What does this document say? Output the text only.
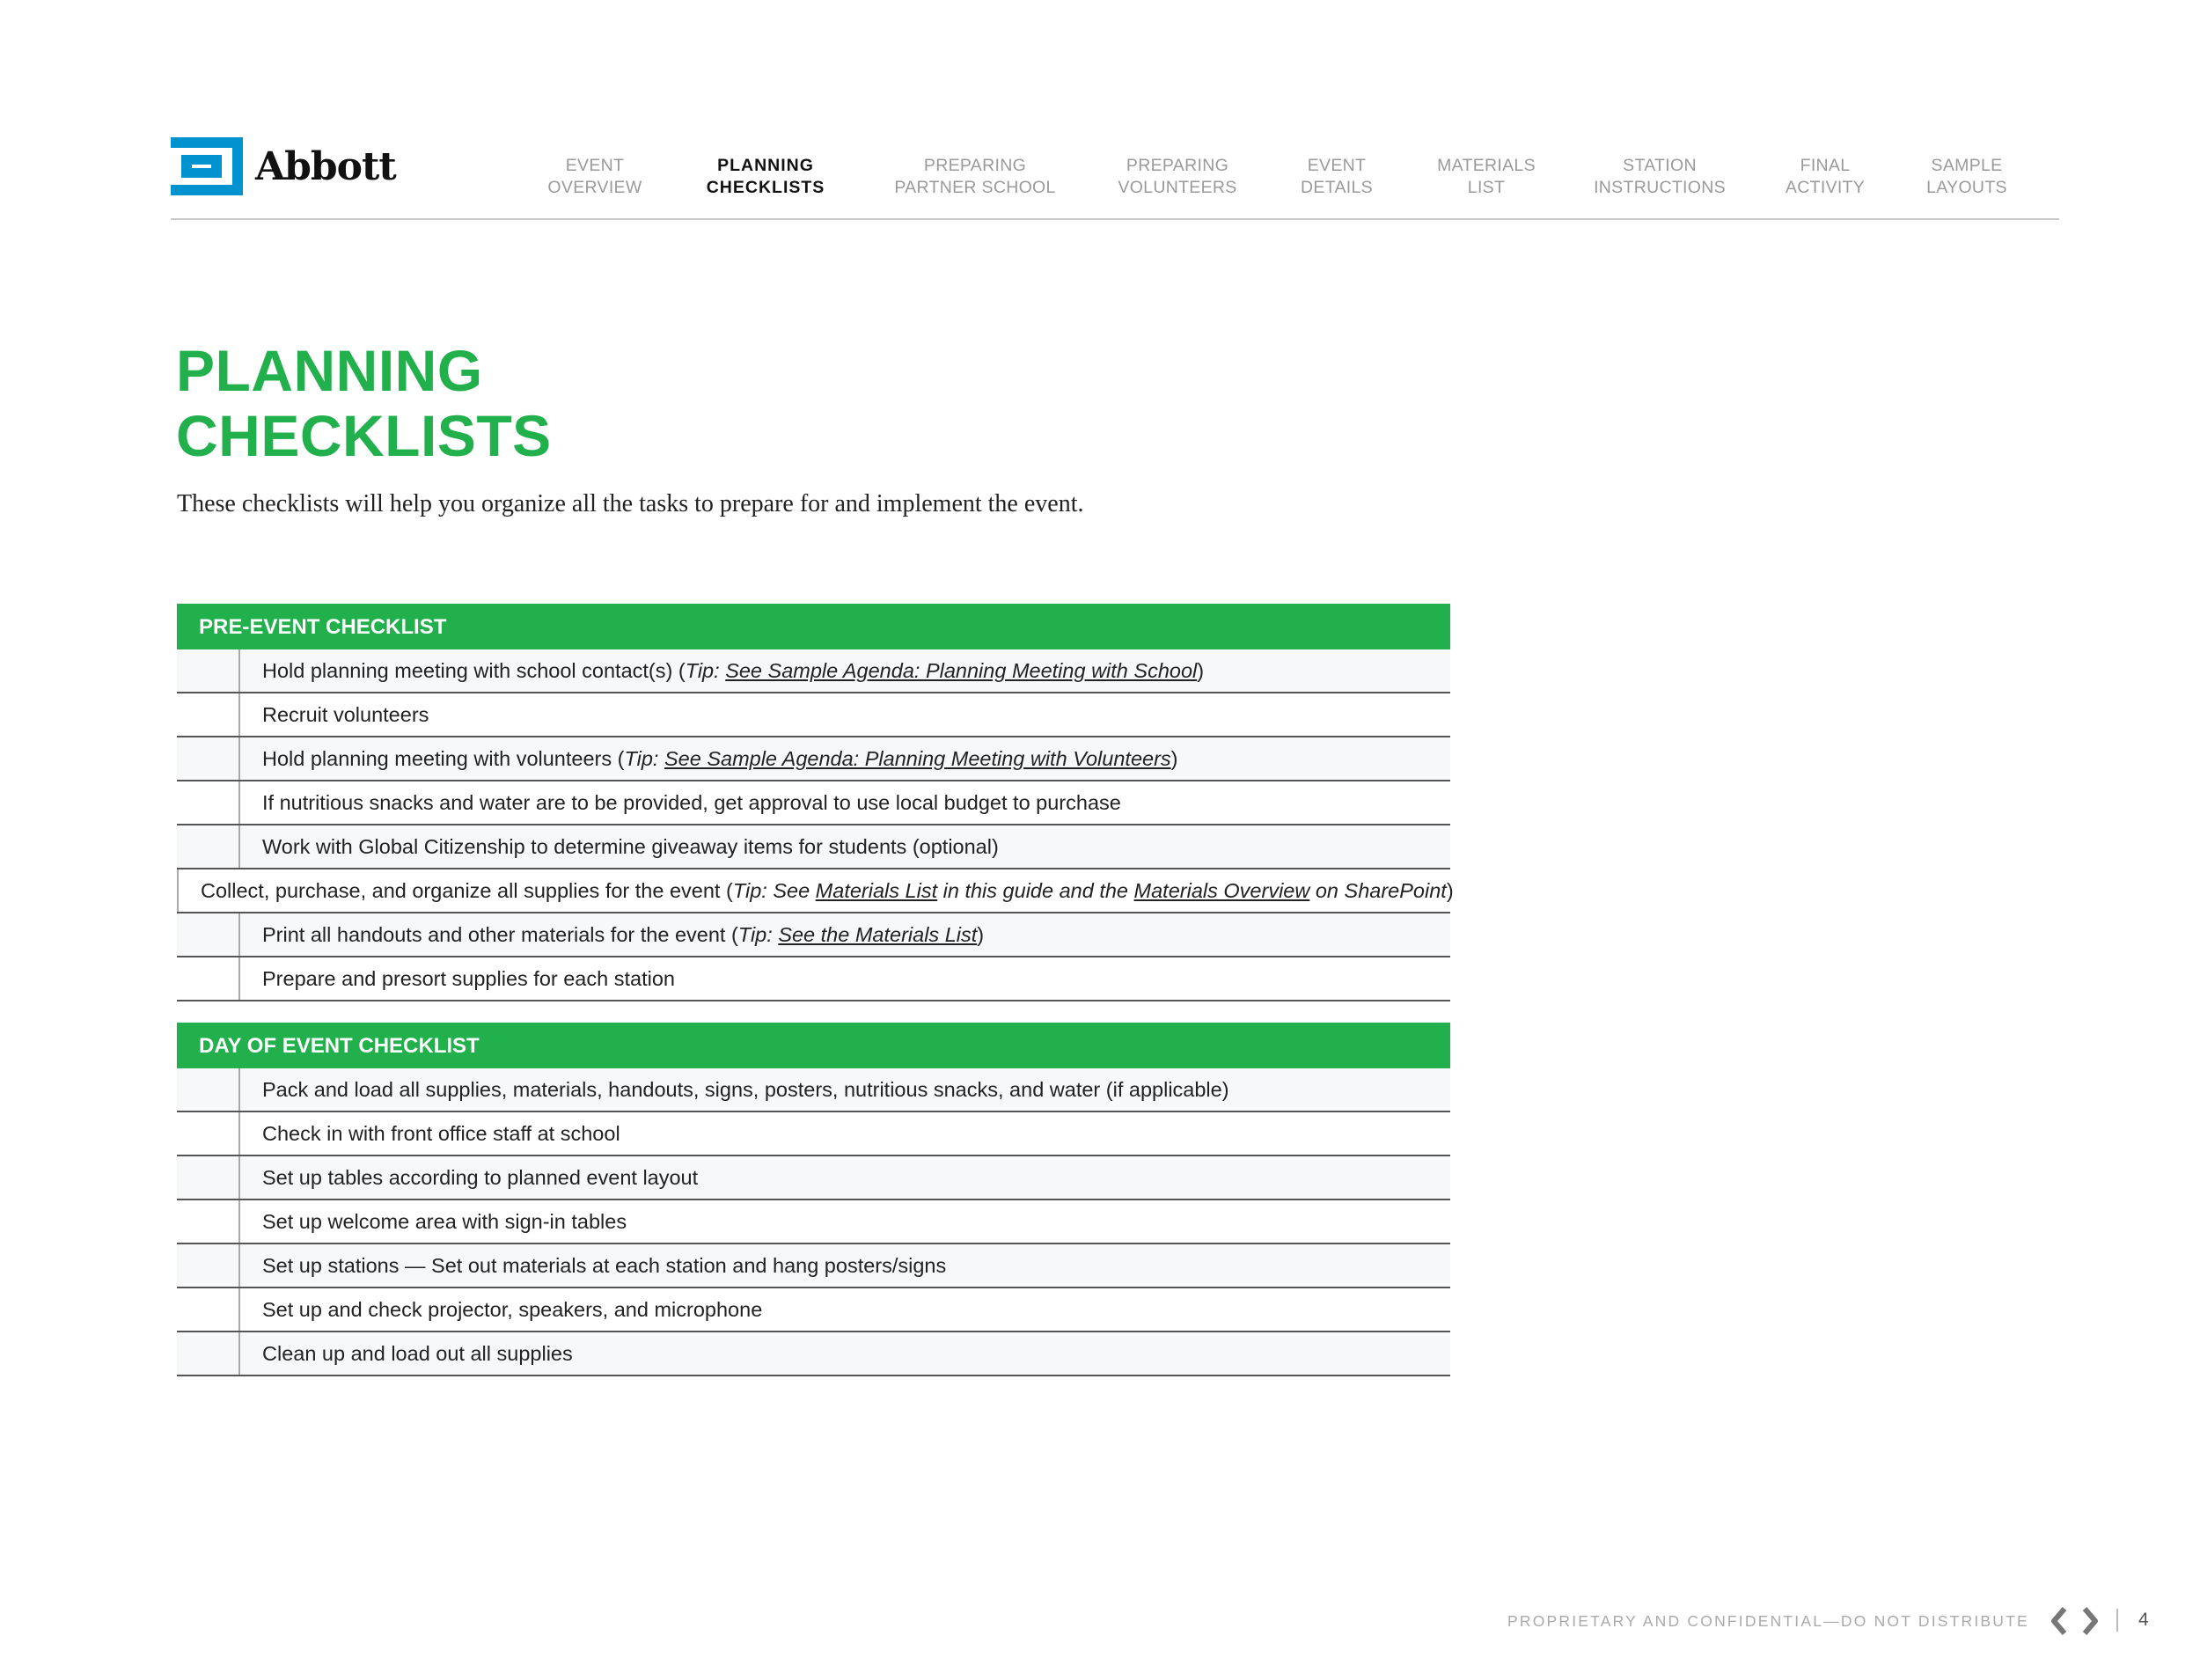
Abbott	EVENT
OVERVIEW
PLANNING
CHECKLISTS
PREPARING
PARTNER SCHOOL
PREPARING
VOLUNTEERS
EVENT
DETAILS
MATERIALS
LIST
STATION
INSTRUCTIONS
FINAL
ACTIVITY
SAMPLE
LAYOUTS
PLANNING
CHECKLISTS
These checklists will help you organize all the tasks to prepare for and implement the event.
PRE-EVENT CHECKLIST
Hold planning meeting with school contact(s) (Tip: See Sample Agenda: Planning Meeting with School)
Recruit volunteers
Hold planning meeting with volunteers (Tip: See Sample Agenda: Planning Meeting with Volunteers)
If nutritious snacks and water are to be provided, get approval to use local budget to purchase
Work with Global Citizenship to determine giveaway items for students (optional)
Collect, purchase, and organize all supplies for the event (Tip: See Materials List in this guide and the Materials Overview on SharePoint)
Print all handouts and other materials for the event (Tip: See the Materials List)
Prepare and presort supplies for each station
DAY OF EVENT CHECKLIST
Pack and load all supplies, materials, handouts, signs, posters, nutritious snacks, and water (if applicable)
Check in with front office staff at school
Set up tables according to planned event layout
Set up welcome area with sign-in tables
Set up stations — Set out materials at each station and hang posters/signs
Set up and check projector, speakers, and microphone
Clean up and load out all supplies
PROPRIETARY AND CONFIDENTIAL—DO NOT DISTRIBUTE	4
